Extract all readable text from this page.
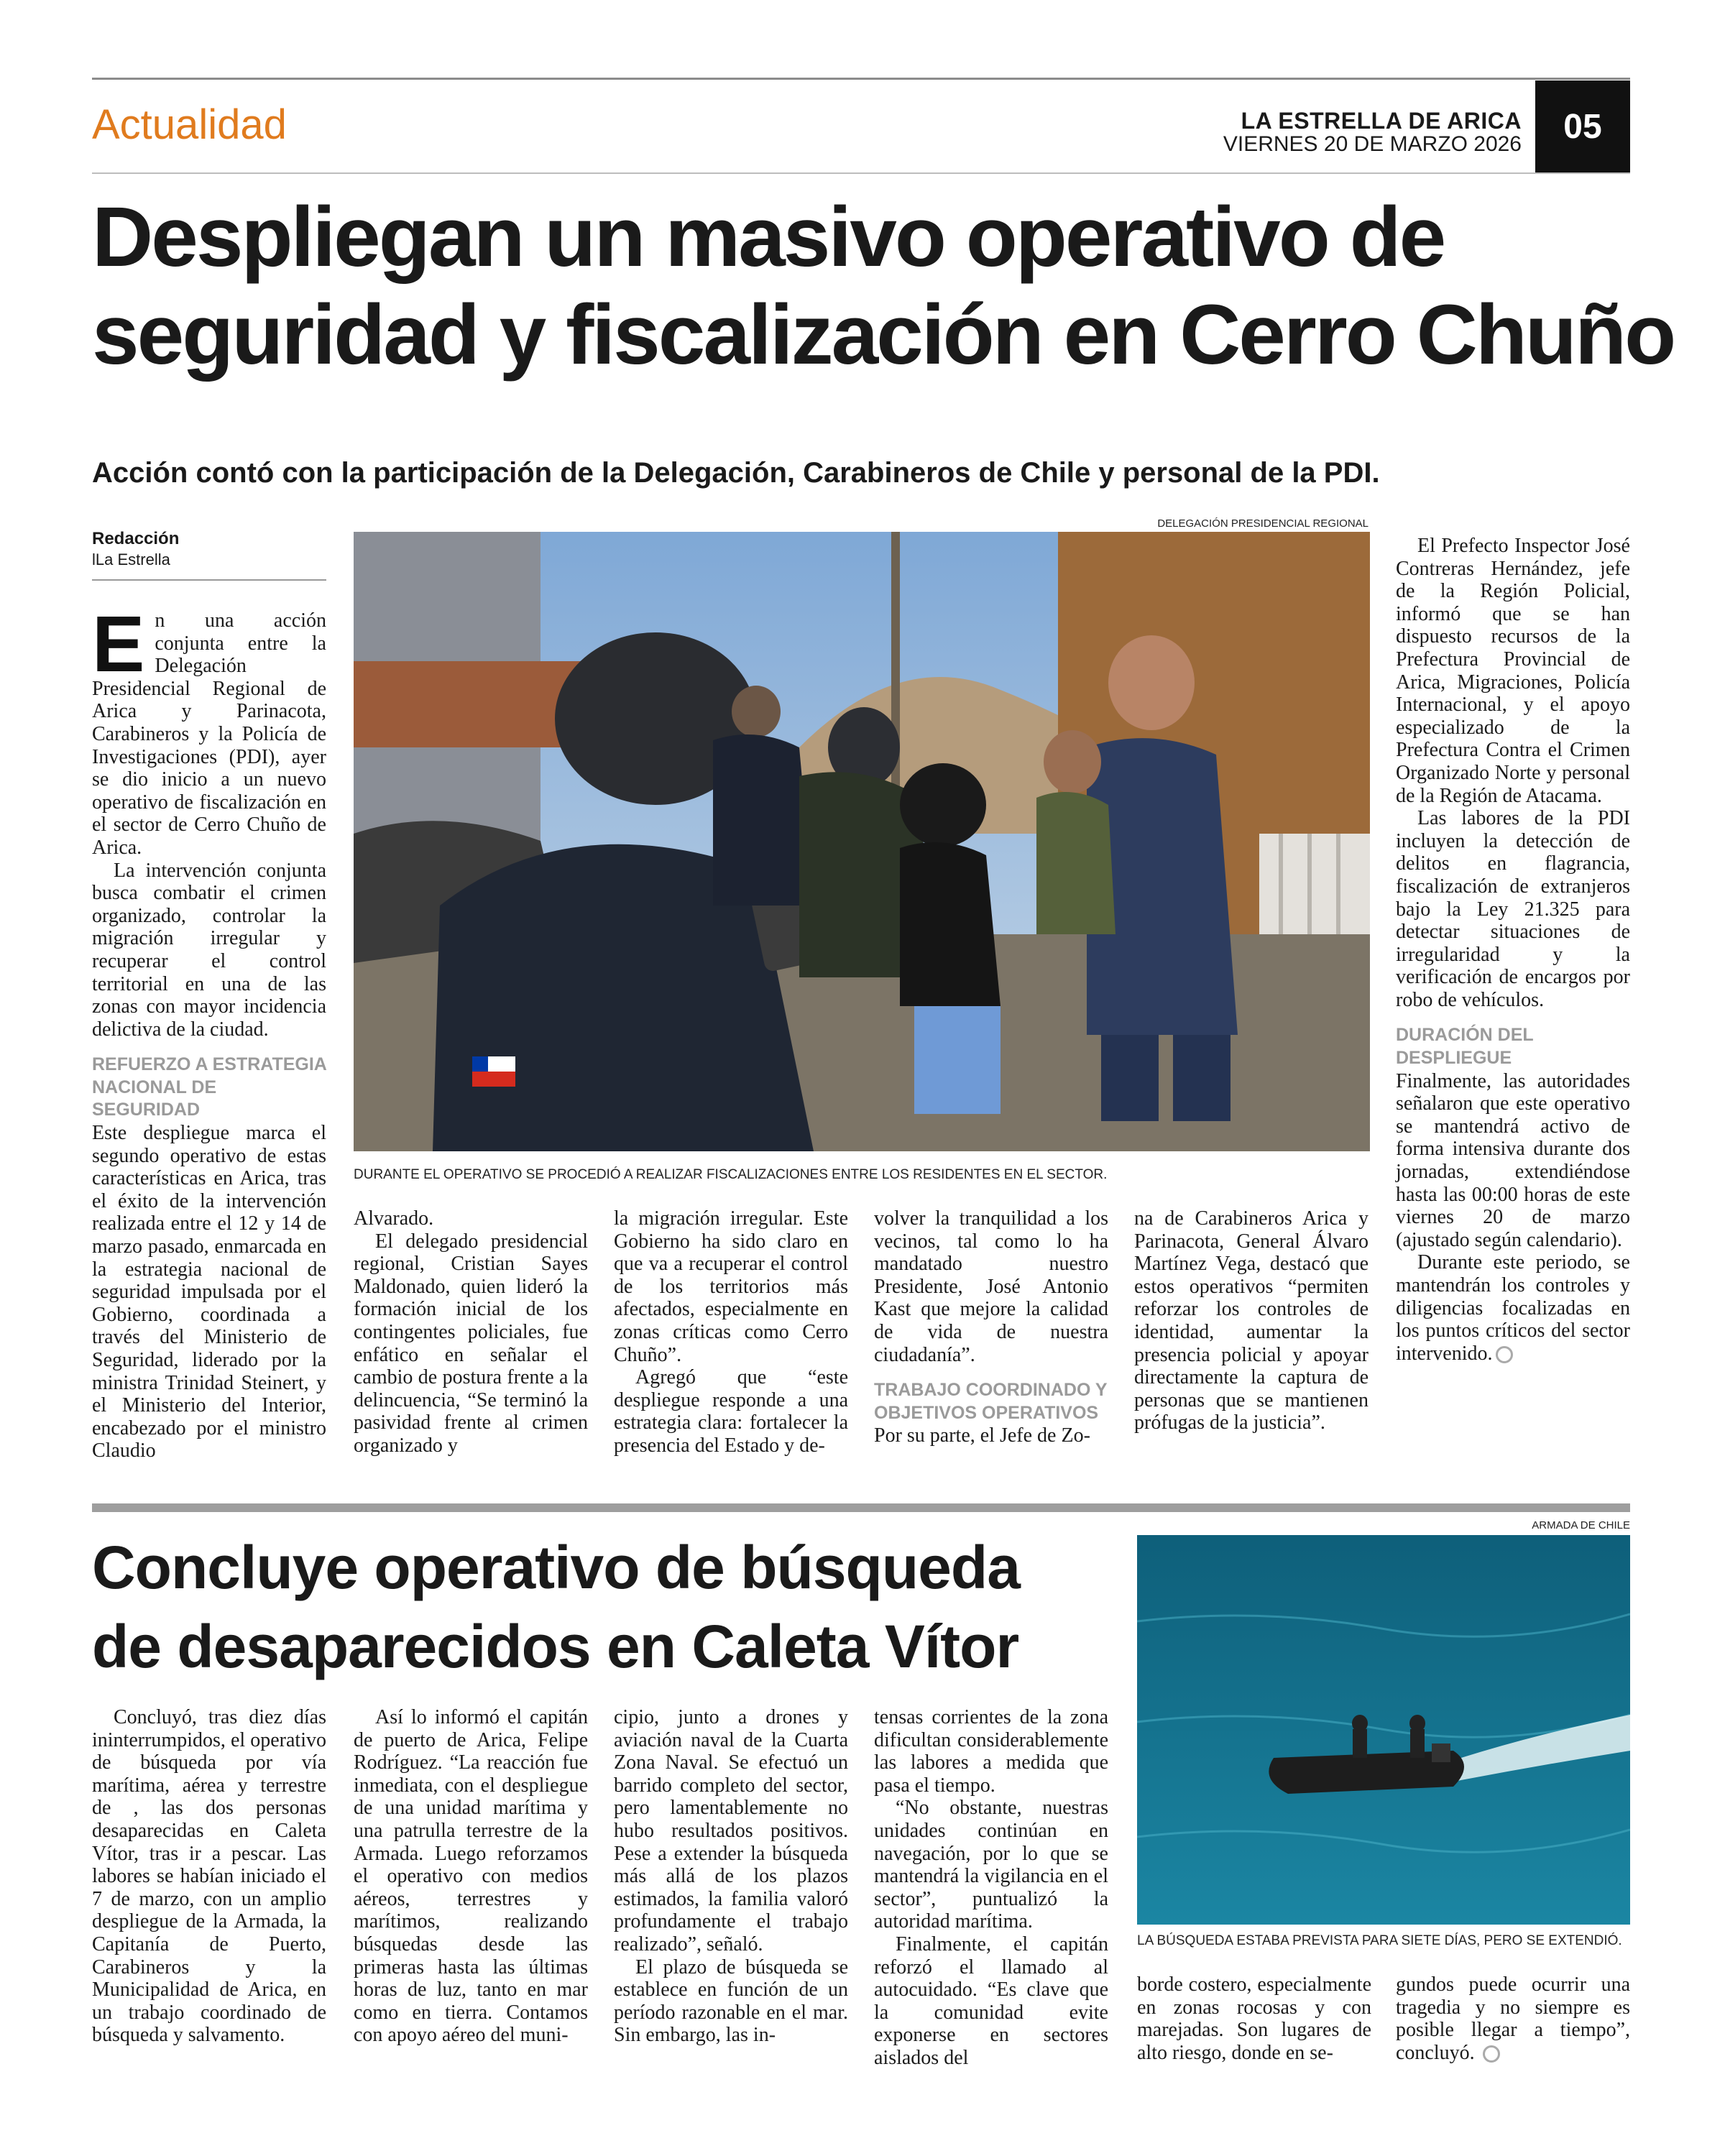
Actualidad	LA ESTRELLA DE ARICA
VIERNES 20 DE MARZO 2026	05
Despliegan un masivo operativo de
seguridad y fiscalización en Cerro Chuño
Acción contó con la participación de la Delegación, Carabineros de Chile y personal de la PDI.
Redacción
lLa Estrella
DELEGACIÓN PRESIDENCIAL REGIONAL
DURANTE EL OPERATIVO SE PROCEDIÓ A REALIZAR FISCALIZACIONES ENTRE LOS RESIDENTES EN EL SECTOR.

En una acción conjunta entre la Delegación Presidencial Regional de Arica y Parinacota, Carabineros y la Policía de Investigaciones (PDI), ayer se dio inicio a un nuevo operativo de fiscalización en el sector de Cerro Chuño de Arica.

La intervención conjunta busca combatir el crimen organizado, controlar la migración irregular y recuperar el control territorial en una de las zonas con mayor incidencia delictiva de la ciudad.

REFUERZO A ESTRATEGIA NACIONAL DE SEGURIDAD

Este despliegue marca el segundo operativo de estas características en Arica, tras el éxito de la intervención realizada entre el 12 y 14 de marzo pasado, enmarcada en la estrategia nacional de seguridad impulsada por el Gobierno, coordinada a través del Ministerio de Seguridad, liderado por la ministra Trinidad Steinert, y el Ministerio del Interior, encabezado por el ministro Claudio

Alvarado.

El delegado presidencial regional, Cristian Sayes Maldonado, quien lideró la formación inicial de los contingentes policiales, fue enfático en señalar el cambio de postura frente a la delincuencia, “Se terminó la pasividad frente al crimen organizado y

la migración irregular. Este Gobierno ha sido claro en que va a recuperar el control de los territorios más afectados, especialmente en zonas críticas como Cerro Chuño”.

Agregó que “este despliegue responde a una estrategia clara: fortalecer la presencia del Estado y de-

volver la tranquilidad a los vecinos, tal como lo ha mandatado nuestro Presidente, José Antonio Kast que mejore la calidad de vida de nuestra ciudadanía”.

TRABAJO COORDINADO Y OBJETIVOS OPERATIVOS

Por su parte, el Jefe de Zo-

na de Carabineros Arica y Parinacota, General Álvaro Martínez Vega, destacó que estos operativos “permiten reforzar los controles de identidad, aumentar la presencia policial y apoyar directamente la captura de personas que se mantienen prófugas de la justicia”.

El Prefecto Inspector José Contreras Hernández, jefe de la Región Policial, informó que se han dispuesto recursos de la Prefectura Provincial de Arica, Migraciones, Policía Internacional, y el apoyo especializado de la Prefectura Contra el Crimen Organizado Norte y personal de la Región de Atacama.

Las labores de la PDI incluyen la detección de delitos en flagrancia, fiscalización de extranjeros bajo la Ley 21.325 para detectar situaciones de irregularidad y la verificación de encargos por robo de vehículos.

DURACIÓN DEL DESPLIEGUE

Finalmente, las autoridades señalaron que este operativo se mantendrá activo de forma intensiva durante dos jornadas, extendiéndose hasta las 00:00 horas de este viernes 20 de marzo (ajustado según calendario).

Durante este periodo, se mantendrán los controles y diligencias focalizadas en los puntos críticos del sector intervenido.

Concluye operativo de búsqueda
de desaparecidos en Caleta Vítor
ARMADA DE CHILE
LA BÚSQUEDA ESTABA PREVISTA PARA SIETE DÍAS, PERO SE EXTENDIÓ.

Concluyó, tras diez días ininterrumpidos, el operativo de búsqueda por vía marítima, aérea y terrestre de , las dos personas desaparecidas en Caleta Vítor, tras ir a pescar. Las labores se habían iniciado el 7 de marzo, con un amplio despliegue de la Armada, la Capitanía de Puerto, Carabineros y la Municipalidad de Arica, en un trabajo coordinado de búsqueda y salvamento.

Así lo informó el capitán de puerto de Arica, Felipe Rodríguez. “La reacción fue inmediata, con el despliegue de una unidad marítima y una patrulla terrestre de la Armada. Luego reforzamos el operativo con medios aéreos, terrestres y marítimos, realizando búsquedas desde las primeras hasta las últimas horas de luz, tanto en mar como en tierra. Contamos con apoyo aéreo del muni-

cipio, junto a drones y aviación naval de la Cuarta Zona Naval. Se efectuó un barrido completo del sector, pero lamentablemente no hubo resultados positivos. Pese a extender la búsqueda más allá de los plazos estimados, la familia valoró profundamente el trabajo realizado”, señaló.

El plazo de búsqueda se establece en función de un período razonable en el mar. Sin embargo, las in-

tensas corrientes de la zona dificultan considerablemente las labores a medida que pasa el tiempo.

“No obstante, nuestras unidades continúan en navegación, por lo que se mantendrá la vigilancia en el sector”, puntualizó la autoridad marítima.

Finalmente, el capitán reforzó el llamado al autocuidado. “Es clave que la comunidad evite exponerse en sectores aislados del

borde costero, especialmente en zonas rocosas y con marejadas. Son lugares de alto riesgo, donde en se-

gundos puede ocurrir una tragedia y no siempre es posible llegar a tiempo”, concluyó.
